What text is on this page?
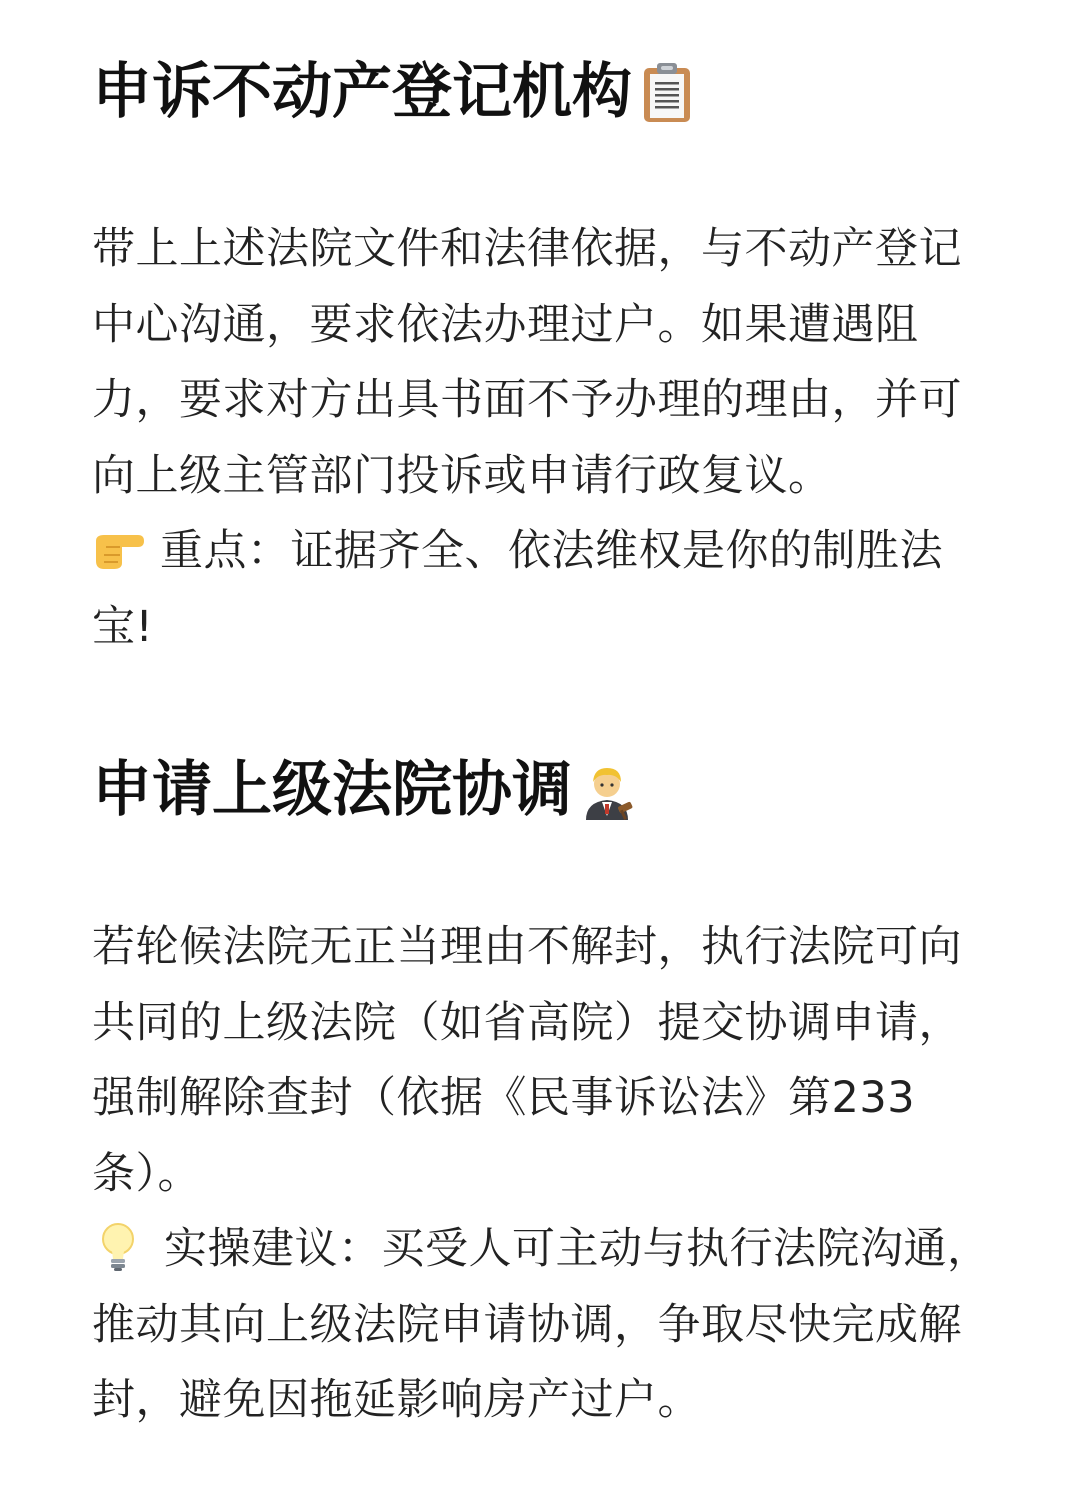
申诉不动产登记机构
带上上述法院文件和法律依据，与不动产登记中心沟通，要求依法办理过户。如果遭遇阻力，要求对方出具书面不予办理的理由，并可向上级主管部门投诉或申请行政复议。
重点：证据齐全、依法维权是你的制胜法宝!
申请上级法院协调
若轮候法院无正当理由不解封，执行法院可向共同的上级法院（如省高院）提交协调申请，强制解除查封（依据《民事诉讼法》第233条）。
实操建议：买受人可主动与执行法院沟通，推动其向上级法院申请协调，争取尽快完成解封，避免因拖延影响房产过户。
